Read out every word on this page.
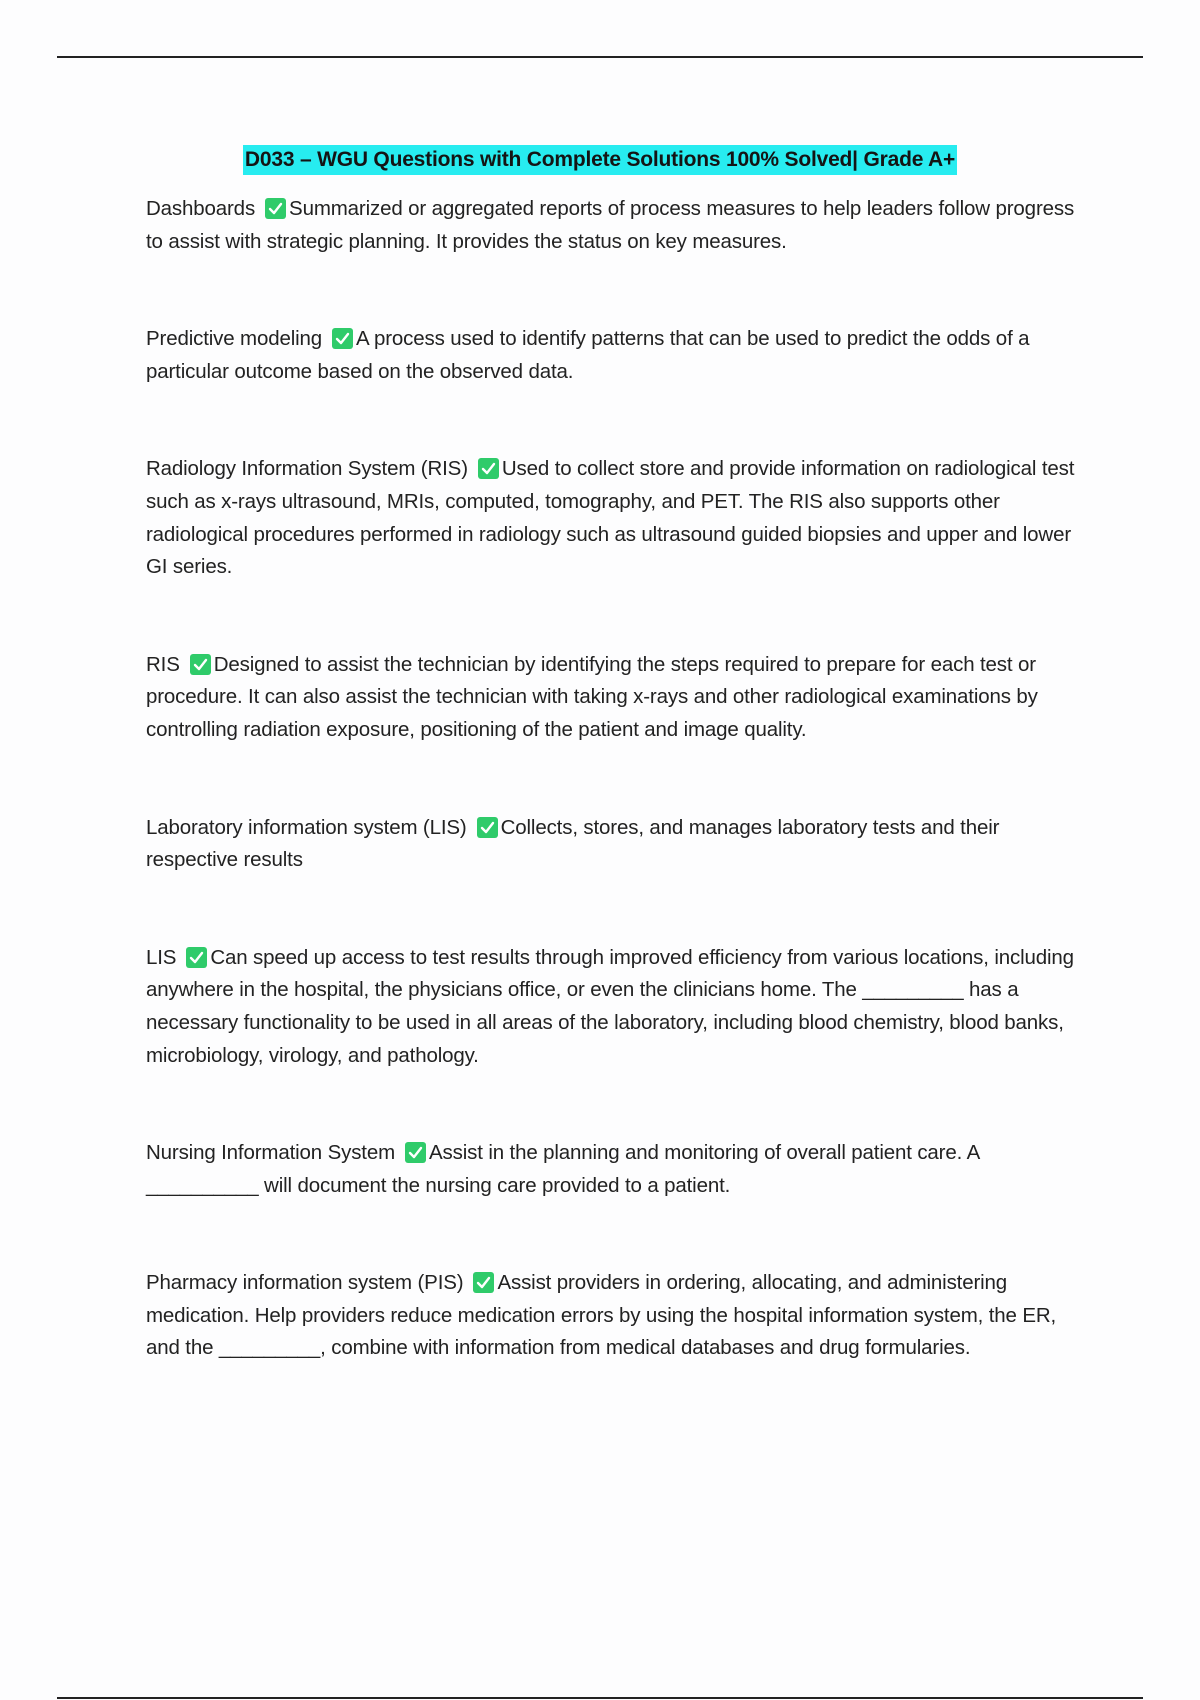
D033 – WGU Questions with Complete Solutions 100% Solved| Grade A+

Dashboards Summarized or aggregated reports of process measures to help leaders follow progress to assist with strategic planning. It provides the status on key measures.

Predictive modeling A process used to identify patterns that can be used to predict the odds of a particular outcome based on the observed data.

Radiology Information System (RIS) Used to collect store and provide information on radiological test such as x-rays ultrasound, MRIs, computed, tomography, and PET. The RIS also supports other radiological procedures performed in radiology such as ultrasound guided biopsies and upper and lower GI series.

RIS Designed to assist the technician by identifying the steps required to prepare for each test or procedure. It can also assist the technician with taking x-rays and other radiological examinations by controlling radiation exposure, positioning of the patient and image quality.

Laboratory information system (LIS) Collects, stores, and manages laboratory tests and their respective results

LIS Can speed up access to test results through improved efficiency from various locations, including anywhere in the hospital, the physicians office, or even the clinicians home. The _________ has a necessary functionality to be used in all areas of the laboratory, including blood chemistry, blood banks, microbiology, virology, and pathology.

Nursing Information System Assist in the planning and monitoring of overall patient care. A __________ will document the nursing care provided to a patient.

Pharmacy information system (PIS) Assist providers in ordering, allocating, and administering medication. Help providers reduce medication errors by using the hospital information system, the ER, and the _________, combine with information from medical databases and drug formularies.
